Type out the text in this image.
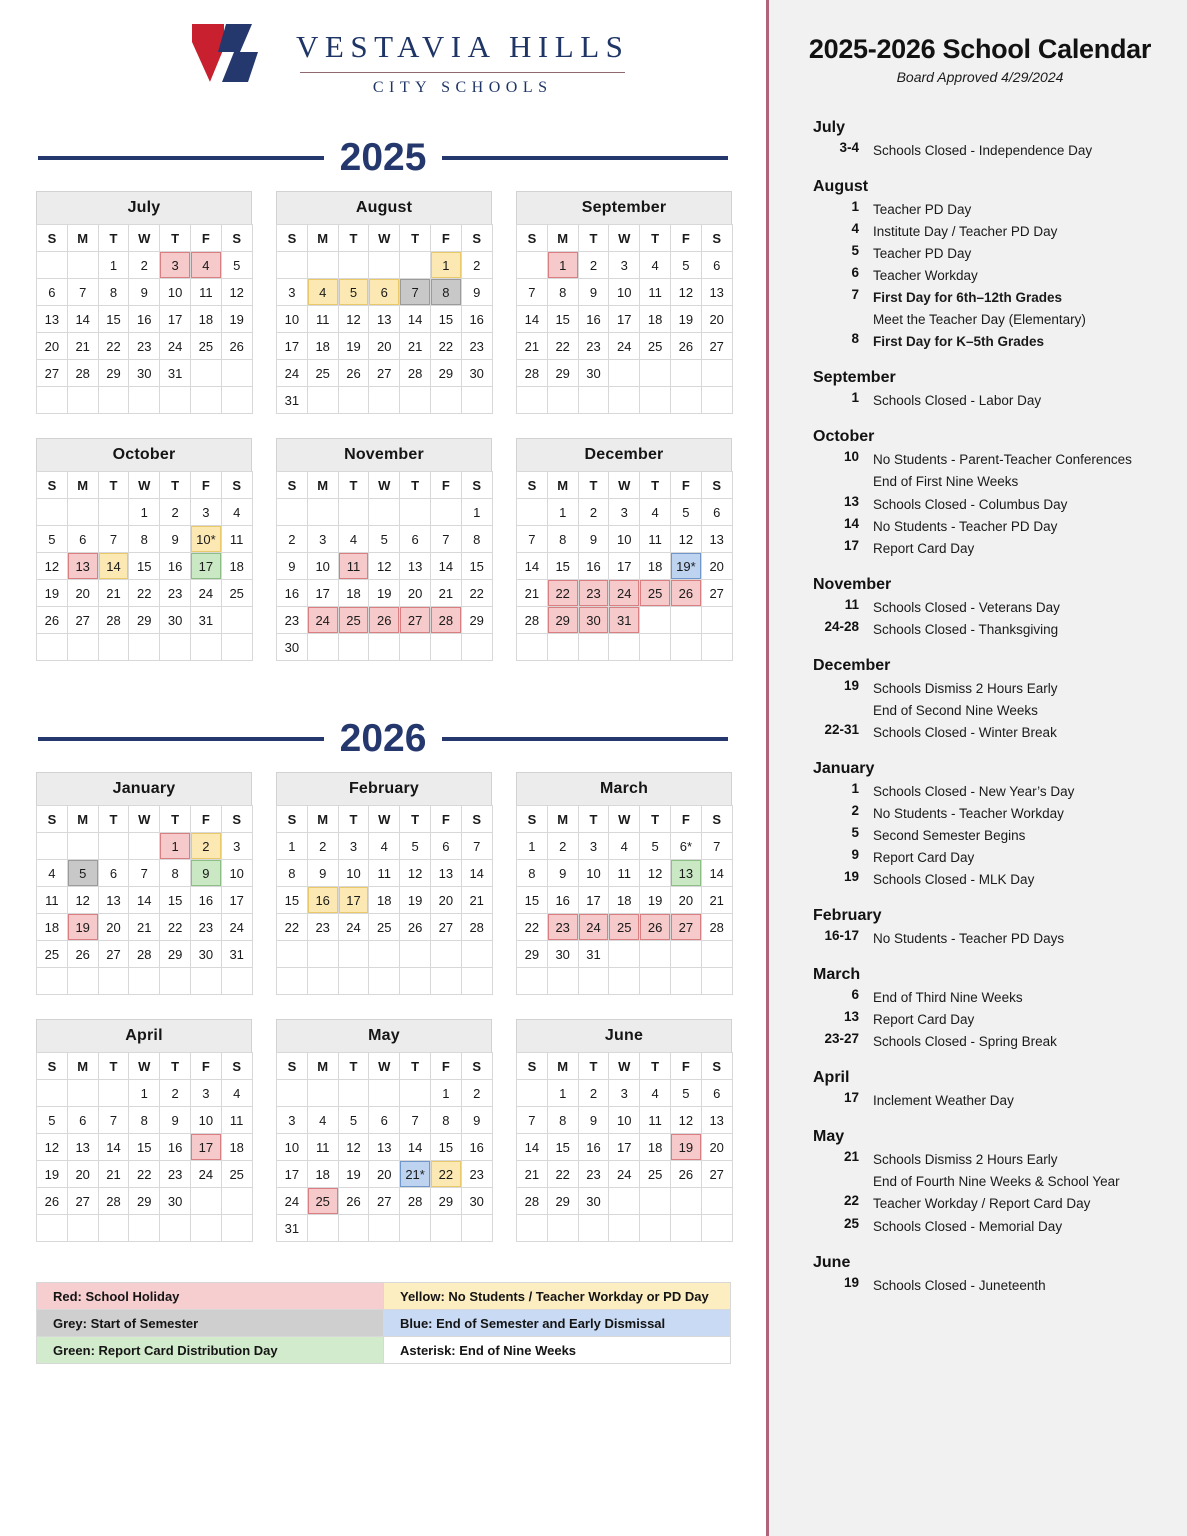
VESTAVIA HILLS
CITY SCHOOLS
2025
July
S	M	T	W	T	F	S
		1	2	3	4	5
6	7	8	9	10	11	12
13	14	15	16	17	18	19
20	21	22	23	24	25	26
27	28	29	30	31		

August
S	M	T	W	T	F	S
					1	2
3	4	5	6	7	8	9
10	11	12	13	14	15	16
17	18	19	20	21	22	23
24	25	26	27	28	29	30
31						
September
S	M	T	W	T	F	S
	1	2	3	4	5	6
7	8	9	10	11	12	13
14	15	16	17	18	19	20
21	22	23	24	25	26	27
28	29	30				

October
S	M	T	W	T	F	S
			1	2	3	4
5	6	7	8	9	10*	11
12	13	14	15	16	17	18
19	20	21	22	23	24	25
26	27	28	29	30	31	

November
S	M	T	W	T	F	S
						1
2	3	4	5	6	7	8
9	10	11	12	13	14	15
16	17	18	19	20	21	22
23	24	25	26	27	28	29
30						
December
S	M	T	W	T	F	S
	1	2	3	4	5	6
7	8	9	10	11	12	13
14	15	16	17	18	19*	20
21	22	23	24	25	26	27
28	29	30	31			

2026
January
S	M	T	W	T	F	S
				1	2	3
4	5	6	7	8	9	10
11	12	13	14	15	16	17
18	19	20	21	22	23	24
25	26	27	28	29	30	31

February
S	M	T	W	T	F	S
1	2	3	4	5	6	7
8	9	10	11	12	13	14
15	16	17	18	19	20	21
22	23	24	25	26	27	28

March
S	M	T	W	T	F	S
1	2	3	4	5	6*	7
8	9	10	11	12	13	14
15	16	17	18	19	20	21
22	23	24	25	26	27	28
29	30	31				

April
S	M	T	W	T	F	S
			1	2	3	4
5	6	7	8	9	10	11
12	13	14	15	16	17	18
19	20	21	22	23	24	25
26	27	28	29	30		

May
S	M	T	W	T	F	S
					1	2
3	4	5	6	7	8	9
10	11	12	13	14	15	16
17	18	19	20	21*	22	23
24	25	26	27	28	29	30
31						
June
S	M	T	W	T	F	S
	1	2	3	4	5	6
7	8	9	10	11	12	13
14	15	16	17	18	19	20
21	22	23	24	25	26	27
28	29	30				

Red: School Holiday	Yellow: No Students / Teacher Workday or PD Day
Grey: Start of Semester	Blue: End of Semester and Early Dismissal
Green: Report Card Distribution Day	Asterisk: End of Nine Weeks
2025-2026 School Calendar
Board Approved 4/29/2024
July
3-4	Schools Closed - Independence Day
August
1	Teacher PD Day
4	Institute Day / Teacher PD Day
5	Teacher PD Day
6	Teacher Workday
7	First Day for 6th–12th Grades
Meet the Teacher Day (Elementary)
8	First Day for K–5th Grades
September
1	Schools Closed - Labor Day
October
10	No Students - Parent-Teacher Conferences
End of First Nine Weeks
13	Schools Closed - Columbus Day
14	No Students - Teacher PD Day
17	Report Card Day
November
11	Schools Closed - Veterans Day
24-28	Schools Closed - Thanksgiving
December
19	Schools Dismiss 2 Hours Early
End of Second Nine Weeks
22-31	Schools Closed - Winter Break
January
1	Schools Closed - New Year’s Day
2	No Students - Teacher Workday
5	Second Semester Begins
9	Report Card Day
19	Schools Closed - MLK Day
February
16-17	No Students - Teacher PD Days
March
6	End of Third Nine Weeks
13	Report Card Day
23-27	Schools Closed - Spring Break
April
17	Inclement Weather Day
May
21	Schools Dismiss 2 Hours Early
End of Fourth Nine Weeks & School Year
22	Teacher Workday / Report Card Day
25	Schools Closed - Memorial Day
June
19	Schools Closed - Juneteenth
